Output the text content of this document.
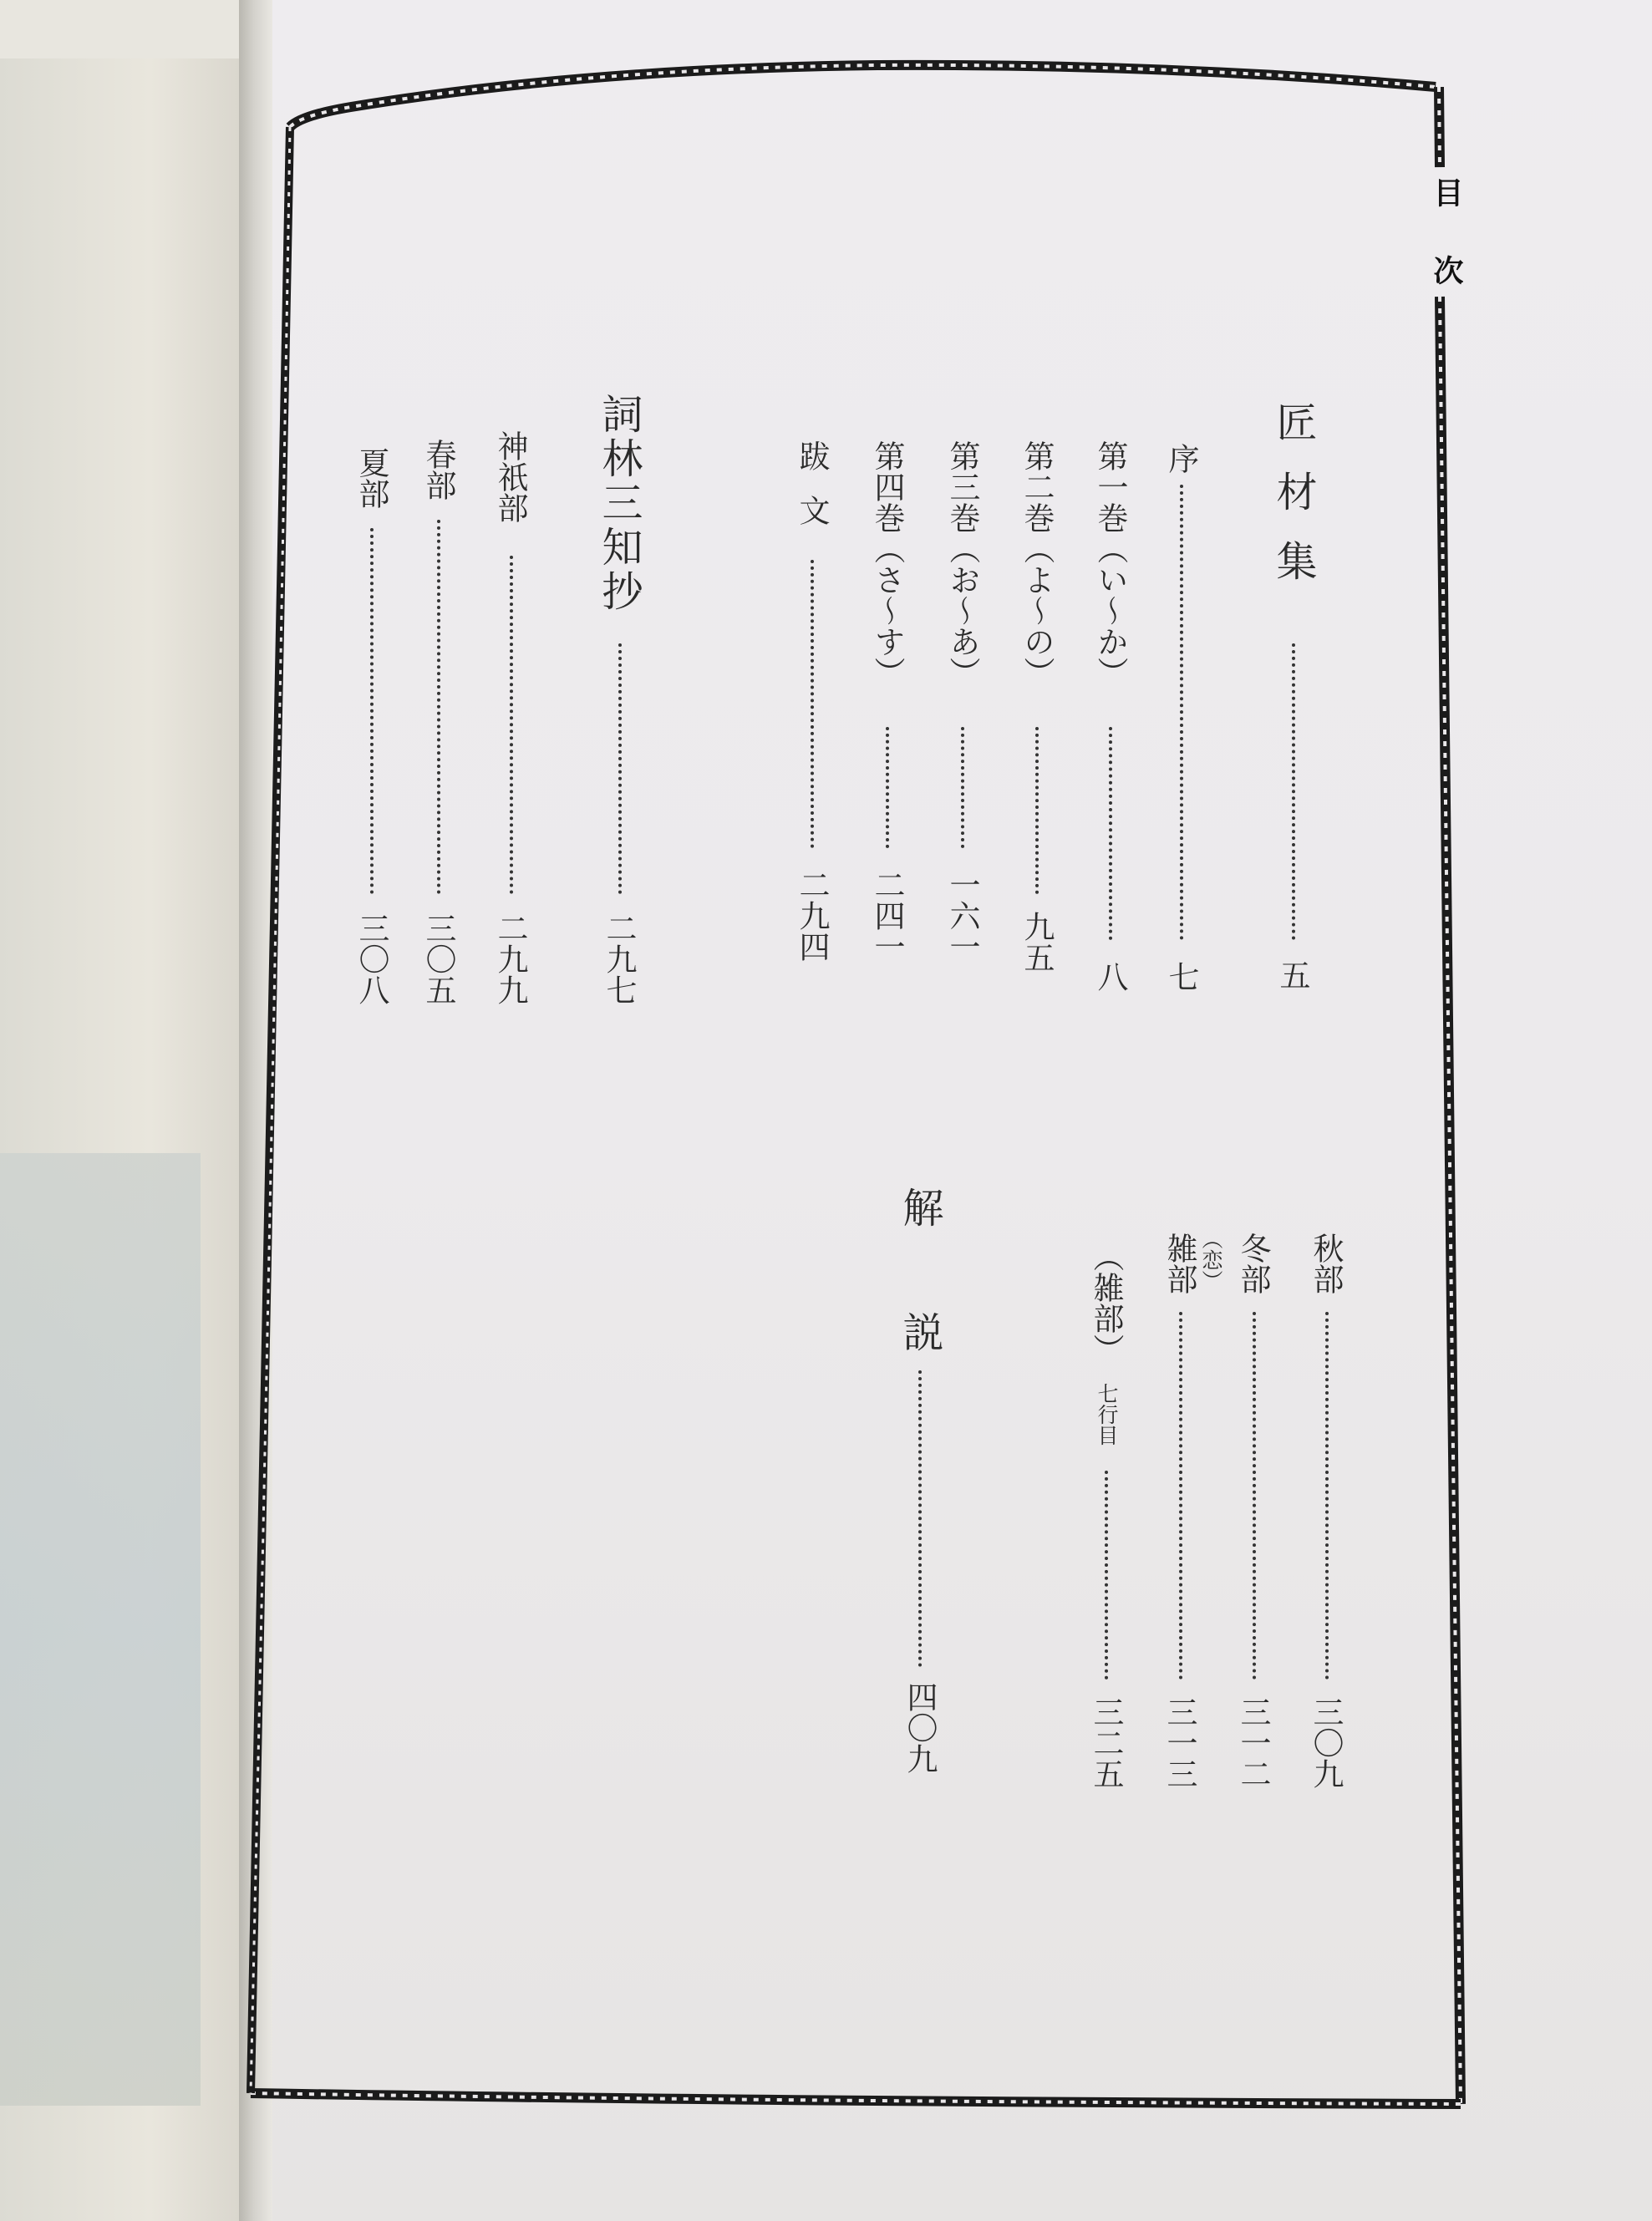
目
次
匠材集
五
序
七
第一巻（い～か）
八
第二巻（よ～の）
九五
第三巻（お～あ）
一六一
第四巻（さ～す）
二四一
跋文
二九四
詞林三知抄
二九七
神祇部
二九九
春部
三〇五
夏部
三〇八
秋部
三〇九
冬部
三一二
（恋）
雑部
三一三
（雑部）
七行目
三二五
解説
四〇九
